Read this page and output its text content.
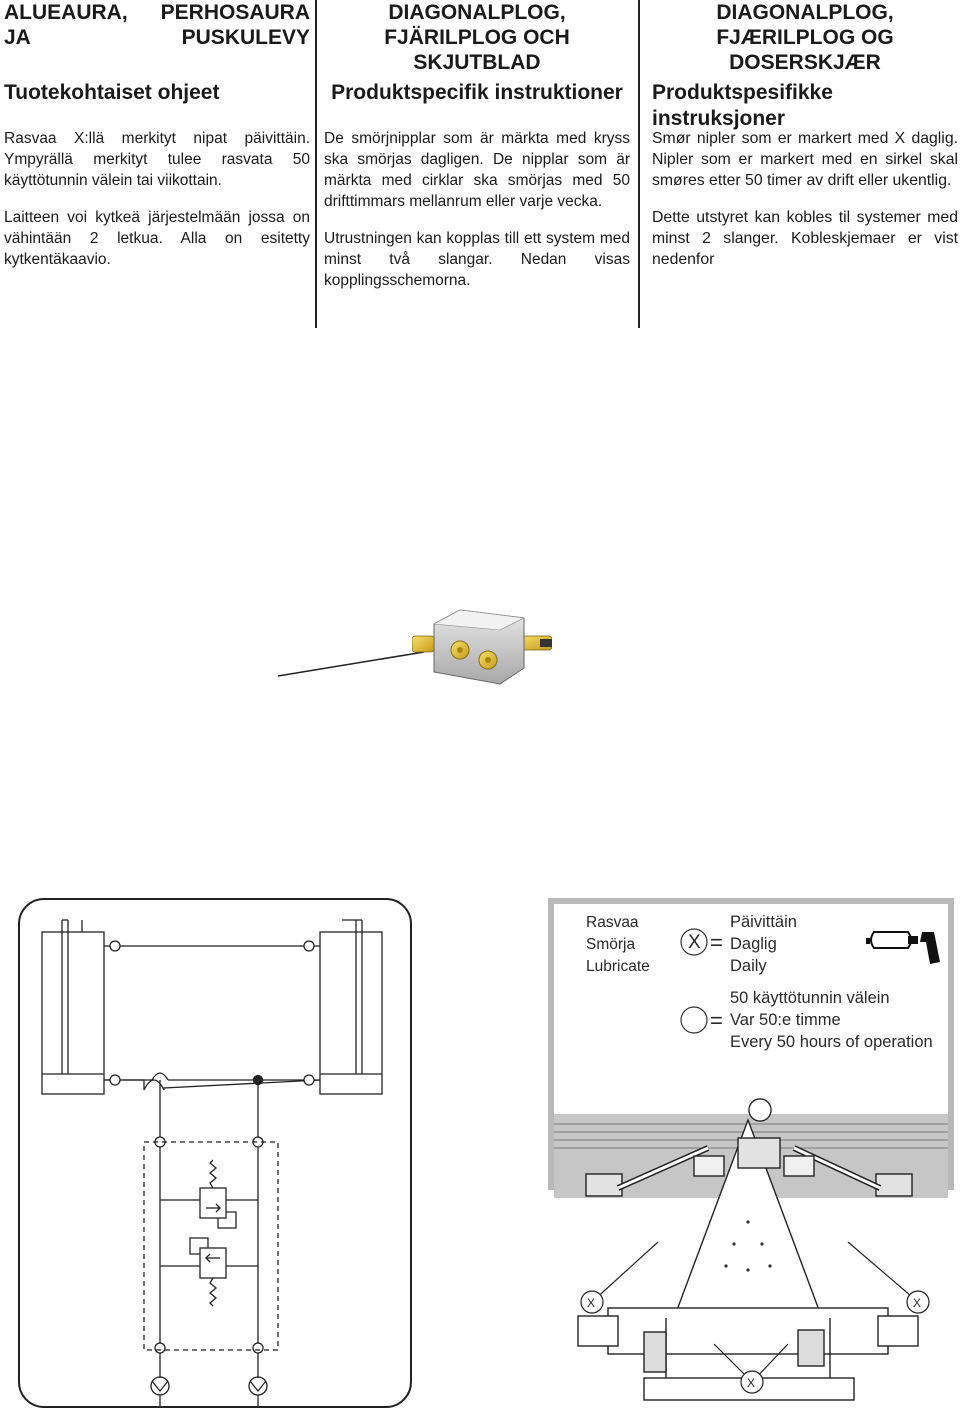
ALUEAURA, PERHOSAURA JA PUSKULEVY
Tuotekohtaiset ohjeet

Rasvaa X:llä merkityt nipat päivittäin. Ympyrällä merkityt tulee rasvata 50 käyttötunnin välein tai viikottain.

Laitteen voi kytkeä järjestelmään jossa on vähintään 2 letkua. Alla on esitetty kytkentäkaavio.

DIAGONALPLOG, FJÄRILPLOG OCH SKJUTBLAD
Produktspecifik instruktioner

De smörjnipplar som är märkta med kryss ska smörjas dagligen. De nipplar som är märkta med cirklar ska smörjas med 50 drifttimmars mellanrum eller varje vecka.

Utrustningen kan kopplas till ett system med minst två slangar. Nedan visas kopplingsschemorna.

DIAGONALPLOG, FJÆRILPLOG OG DOSERSKJÆR
Produktspesifikke instruksjoner

Smør nipler som er markert med X daglig. Nipler som er markert med en sirkel skal smøres etter 50 timer av drift eller ukentlig.

Dette utstyret kan kobles til systemer med minst 2 slanger. Kobleskjemaer er vist nedenfor

Rasvaa
Smörja
Lubricate
X =
Päivittäin
Daglig
Daily
=
50 käyttötunnin välein
Var 50:e timme
Every 50 hours of operation
X	X
X
